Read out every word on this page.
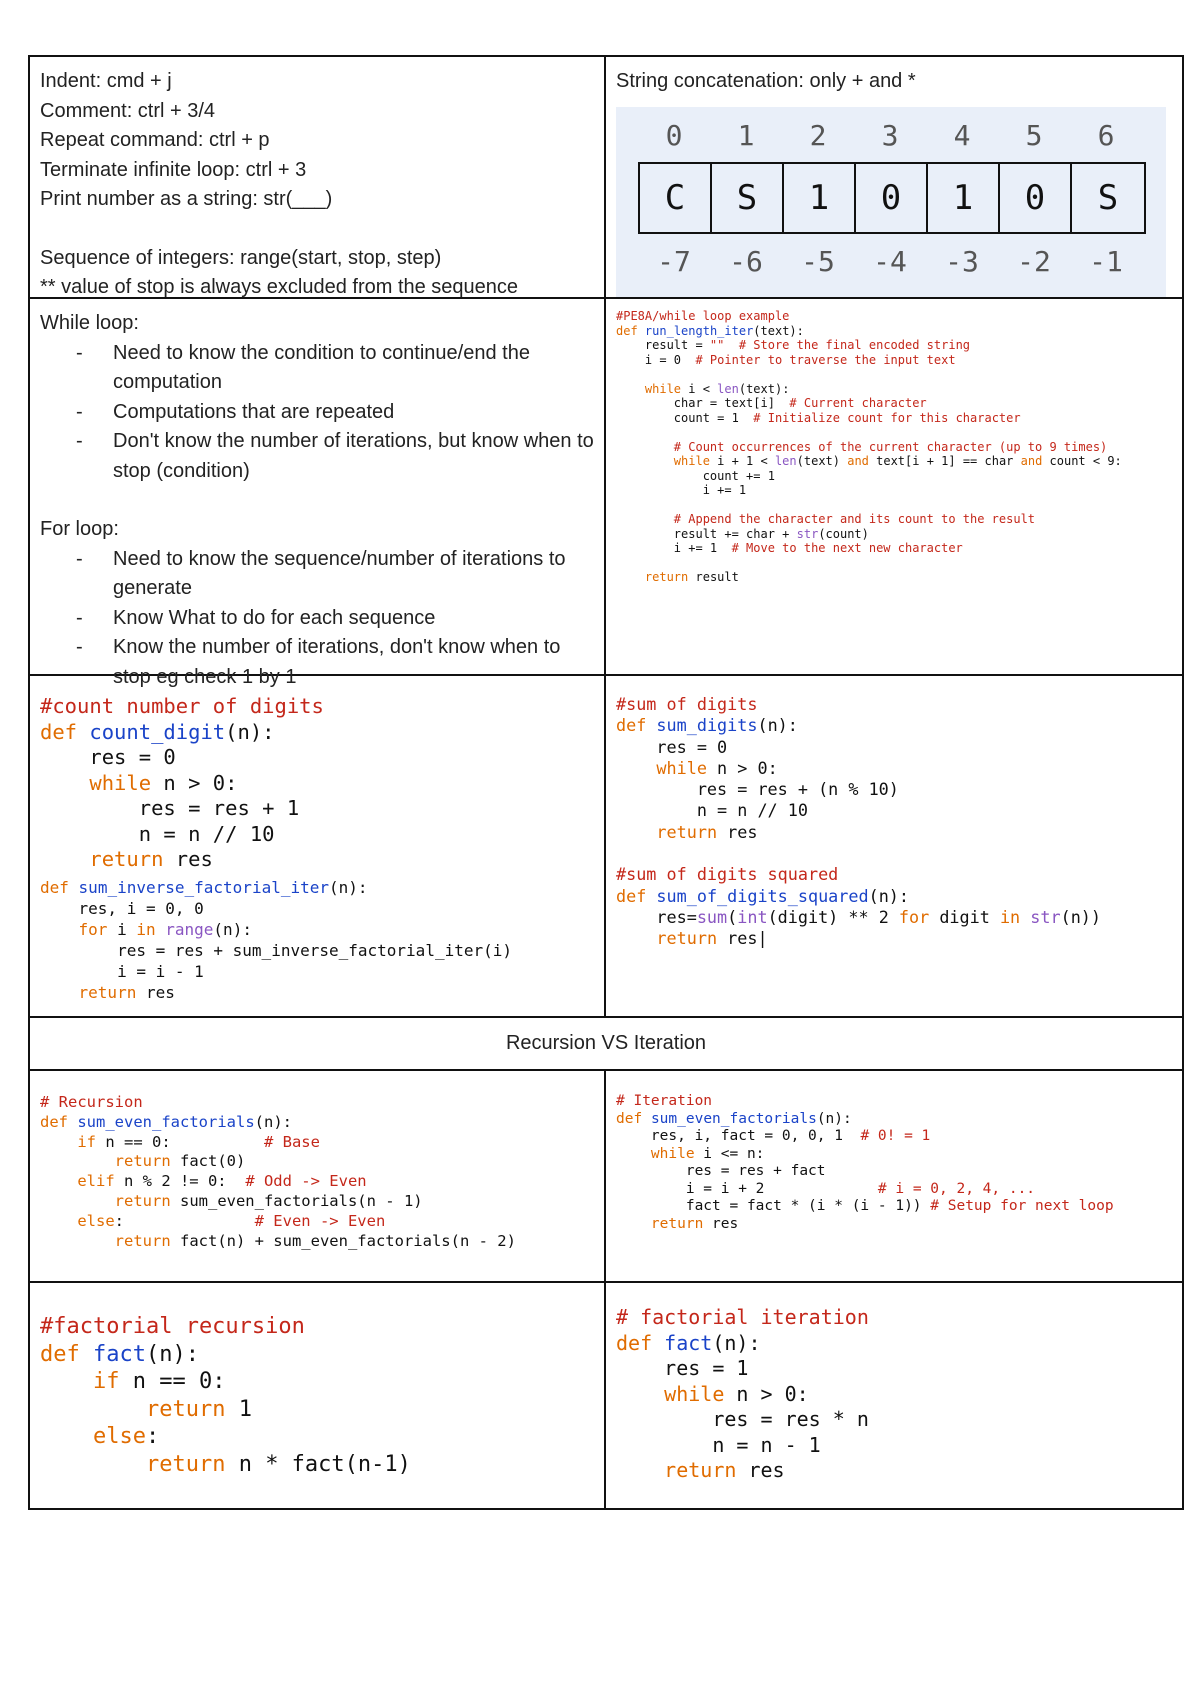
Indent: cmd + j

Comment: ctrl + 3/4

Repeat command: ctrl + p

Terminate infinite loop: ctrl + 3

Print number as a string: str(___)

Sequence of integers: range(start, stop, step)

** value of stop is always excluded from the sequence

String concatenation: only + and *

0	1	2	3	4	5	6
C	S	1	0	1	0	S
-7	-6	-5	-4	-3	-2	-1

While loop:

- Need to know the condition to continue/end the computation
- Computations that are repeated
- Don't know the number of iterations, but know when to stop (condition)

For loop:

- Need to know the sequence/number of iterations to generate
- Know What to do for each sequence
- Know the number of iterations, don't know when to stop eg check 1 by 1
#PE8A/while loop example
def run_length_iter(text):
result = "" # Store the final encoded string
i = 0  # Pointer to traverse the input text

while i < len(text):
char = text[i]  # Current character
count = 1  # Initialize count for this character

# Count occurrences of the current character (up to 9 times)
while i + 1 < len(text) and text[i + 1] == char and count < 9:
count += 1
i += 1

# Append the character and its count to the result
result += char + str(count)
i += 1  # Move to the next new character

return result
#count number of digits
def count_digit(n):
res = 0
while n > 0:
res = res + 1
n = n // 10
return res
def sum_inverse_factorial_iter(n):
res, i = 0, 0
for i in range(n):
res = res + sum_inverse_factorial_iter(i)
i = i - 1
return res
#sum of digits
def sum_digits(n):
res = 0
while n > 0:
res = res + (n % 10)
n = n // 10
return res

#sum of digits squared
def sum_of_digits_squared(n):
res=sum(int(digit) ** 2 for digit in str(n))
return res|
Recursion VS Iteration
# Recursion
def sum_even_factorials(n):
if n == 0:          # Base
return fact(0)
elif n % 2 != 0:  # Odd -> Even
return sum_even_factorials(n - 1)
else:              # Even -> Even
return fact(n) + sum_even_factorials(n - 2)
# Iteration
def sum_even_factorials(n):
res, i, fact = 0, 0, 1  # 0! = 1
while i <= n:
res = res + fact
i = i + 2	# i = 0, 2, 4, ...
fact = fact * (i * (i - 1)) # Setup for next loop
return res
#factorial recursion
def fact(n):
if n == 0:
return 1
else:
return n * fact(n-1)
# factorial iteration
def fact(n):
res = 1
while n > 0:
res = res * n
n = n - 1
return res
